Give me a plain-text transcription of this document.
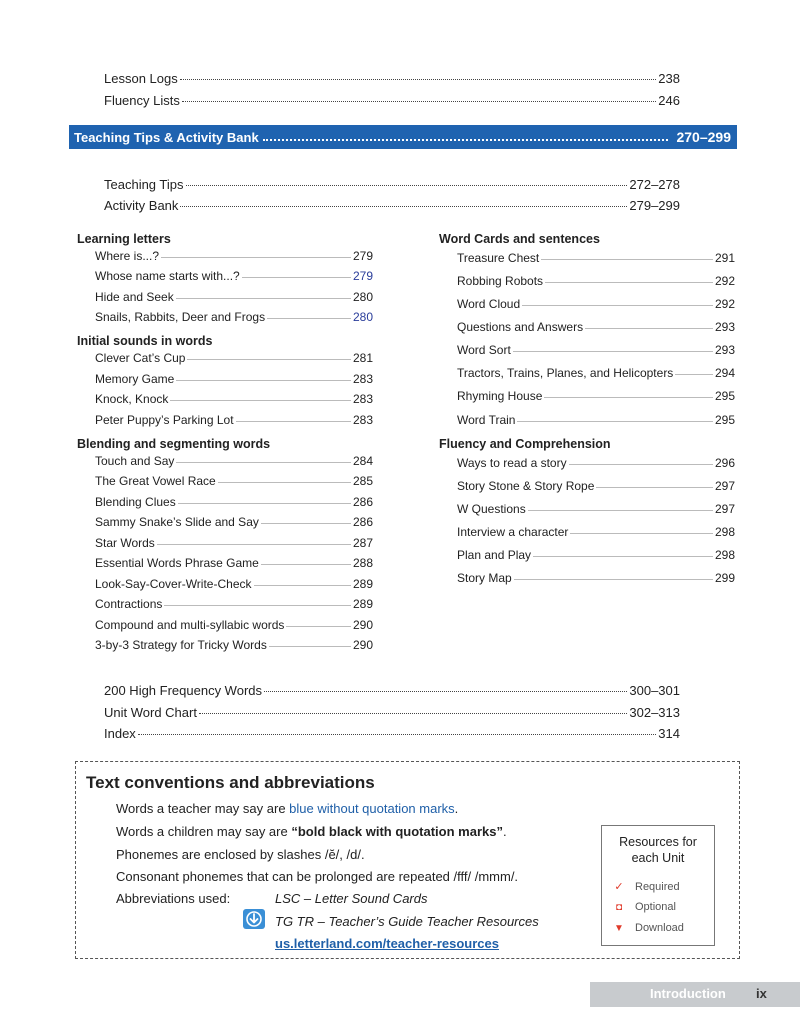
Lesson Logs	238
Fluency Lists	246
Teaching Tips & Activity Bank	270–299
Teaching Tips	272–278
Activity Bank	279–299
Learning letters
Where is...?	279
Whose name starts with...?	279
Hide and Seek	280
Snails, Rabbits, Deer and Frogs	280
Initial sounds in words
Clever Cat’s Cup	281
Memory Game	283
Knock, Knock	283
Peter Puppy’s Parking Lot	283
Blending and segmenting words
Touch and Say	284
The Great Vowel Race	285
Blending Clues	286
Sammy Snake’s Slide and Say	286
Star Words	287
Essential Words Phrase Game	288
Look-Say-Cover-Write-Check	289
Contractions	289
Compound and multi-syllabic words	290
3-by-3 Strategy for Tricky Words	290
Word Cards and sentences
Treasure Chest	291
Robbing Robots	292
Word Cloud	292
Questions and Answers	293
Word Sort	293
Tractors, Trains, Planes, and Helicopters	294
Rhyming House	295
Word Train	295
Fluency and Comprehension
Ways to read a story	296
Story Stone & Story Rope	297
W Questions	297
Interview a character	298
Plan and Play	298
Story Map	299
200 High Frequency Words	300–301
Unit Word Chart	302–313
Index	314
Text conventions and abbreviations
Words a teacher may say are blue without quotation marks.
Words a children may say are “bold black with quotation marks”.
Phonemes are enclosed by slashes /ĕ/, /d/.
Consonant phonemes that can be prolonged are repeated /fff/ /mmm/.
Abbreviations used:	LSC – Letter Sound Cards
TG TR – Teacher’s Guide Teacher Resources
us.letterland.com/teacher-resources
Resources for
each Unit
✓	Required
◘	Optional
▼	Download
Introduction ix
